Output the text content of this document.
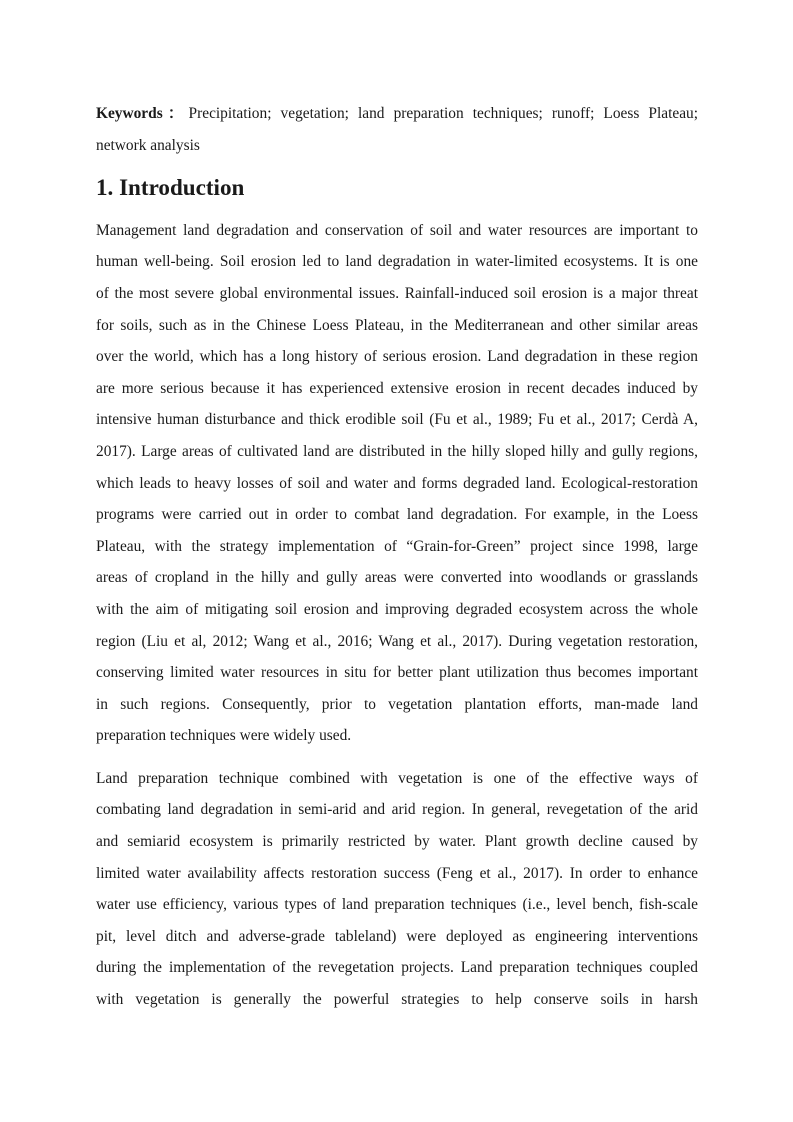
Keywords：Precipitation; vegetation; land preparation techniques; runoff; Loess Plateau;
network analysis
1. Introduction
Management land degradation and conservation of soil and water resources are important to
human well-being. Soil erosion led to land degradation in water-limited ecosystems. It is one
of the most severe global environmental issues. Rainfall-induced soil erosion is a major threat
for soils, such as in the Chinese Loess Plateau, in the Mediterranean and other similar areas
over the world, which has a long history of serious erosion. Land degradation in these region
are more serious because it has experienced extensive erosion in recent decades induced by
intensive human disturbance and thick erodible soil (Fu et al., 1989; Fu et al., 2017; Cerdà A,
2017). Large areas of cultivated land are distributed in the hilly sloped hilly and gully regions,
which leads to heavy losses of soil and water and forms degraded land. Ecological-restoration
programs were carried out in order to combat land degradation. For example, in the Loess
Plateau, with the strategy implementation of “Grain-for-Green” project since 1998, large
areas of cropland in the hilly and gully areas were converted into woodlands or grasslands
with the aim of mitigating soil erosion and improving degraded ecosystem across the whole
region (Liu et al, 2012; Wang et al., 2016; Wang et al., 2017). During vegetation restoration,
conserving limited water resources in situ for better plant utilization thus becomes important
in such regions. Consequently, prior to vegetation plantation efforts, man-made land
preparation techniques were widely used.
Land preparation technique combined with vegetation is one of the effective ways of
combating land degradation in semi-arid and arid region. In general, revegetation of the arid
and semiarid ecosystem is primarily restricted by water. Plant growth decline caused by
limited water availability affects restoration success (Feng et al., 2017). In order to enhance
water use efficiency, various types of land preparation techniques (i.e., level bench, fish-scale
pit, level ditch and adverse-grade tableland) were deployed as engineering interventions
during the implementation of the revegetation projects. Land preparation techniques coupled
with vegetation is generally the powerful strategies to help conserve soils in harsh
